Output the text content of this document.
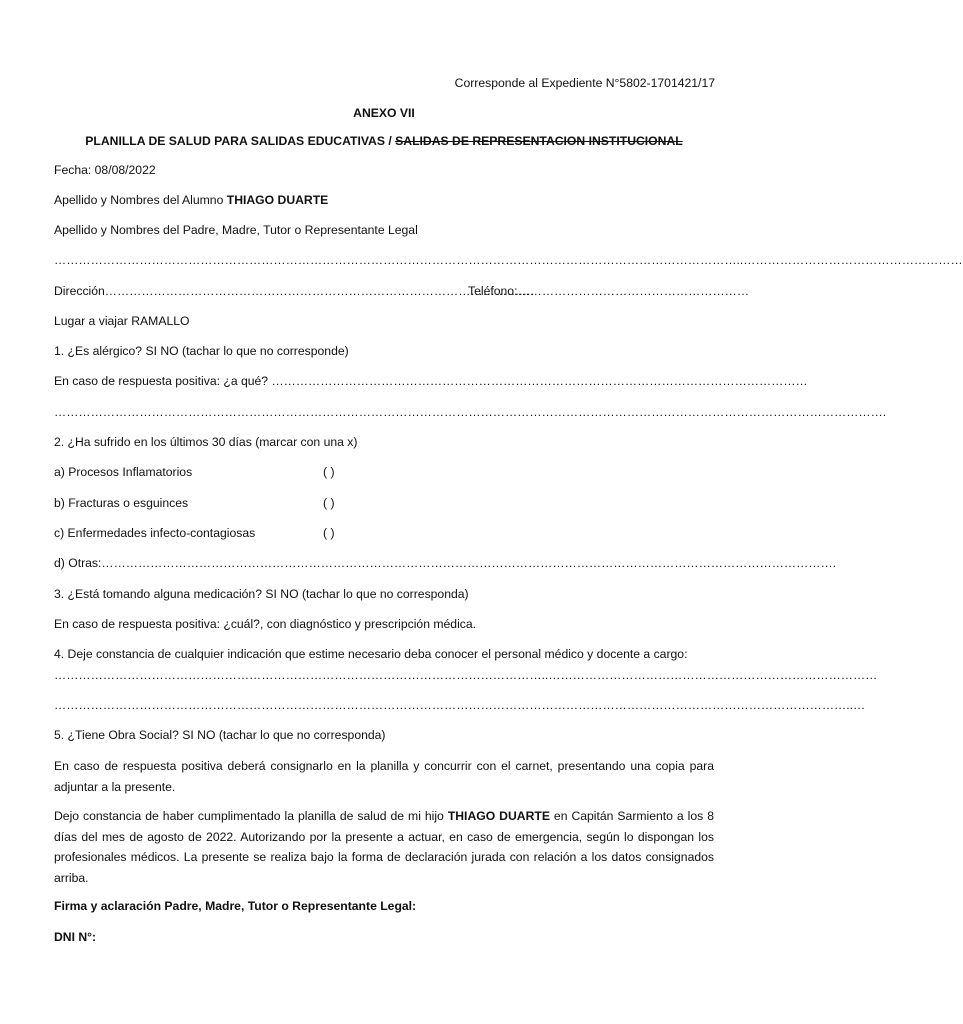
Corresponde al Expediente N°5802-1701421/17
ANEXO VII
PLANILLA DE SALUD PARA SALIDAS EDUCATIVAS / SALIDAS DE REPRESENTACION INSTITUCIONAL
Fecha: 08/08/2022
Apellido y Nombres del Alumno THIAGO DUARTE
Apellido y Nombres del Padre, Madre, Tutor o Representante Legal
……………………………………………………………………………………………………………………………………………………..………………………………………………
Dirección………………………………………………………………………………………….…
Teléfono:…………………………………………………
Lugar a viajar RAMALLO
1. ¿Es alérgico? SI NO (tachar lo que no corresponde)
En caso de respuesta positiva: ¿a qué? ……………………………………………………………………………………………………………………
…………………………………………………………………………………………………………………………………………………………………………………….
2. ¿Ha sufrido en los últimos 30 días (marcar con una x)
a) Procesos Inflamatorios	( )
b) Fracturas o esguinces	( )
c) Enfermedades infecto-contagiosas	( )
d) Otras:……………………………………………………………………………………………………………………………………………………………….
3. ¿Está tomando alguna medicación? SI NO (tachar lo que no corresponda)
En caso de respuesta positiva: ¿cuál?, con diagnóstico y prescripción médica.
4. Deje constancia de cualquier indicación que estime necesario deba conocer el personal médico y docente a cargo:
…………………………………………………………………………………………………………..………………………………………………………………………
……………………………………………………………………………………………………………………………………………………………………………..…
5. ¿Tiene Obra Social? SI NO (tachar lo que no corresponda)
En caso de respuesta positiva deberá consignarlo en la planilla y concurrir con el carnet, presentando una copia para adjuntar a la presente.
Dejo constancia de haber cumplimentado la planilla de salud de mi hijo THIAGO DUARTE en Capitán Sarmiento a los 8 días del mes de agosto de 2022. Autorizando por la presente a actuar, en caso de emergencia, según lo dispongan los profesionales médicos. La presente se realiza bajo la forma de declaración jurada con relación a los datos consignados arriba.
Firma y aclaración Padre, Madre, Tutor o Representante Legal:
DNI N°:
